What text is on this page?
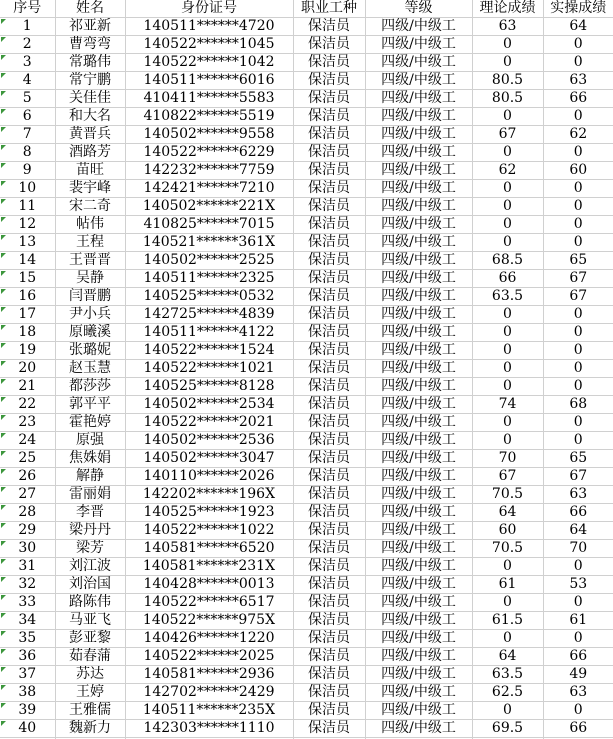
序号	姓名	身份证号	职业工种	等级	理论成绩	实操成绩
1	祁亚新	140511******4720	保洁员	四级/中级工	63	64
2	曹弯弯	140522******1045	保洁员	四级/中级工	0	0
3	常璐伟	140522******1042	保洁员	四级/中级工	0	0
4	常宁鹏	140511******6016	保洁员	四级/中级工	80.5	63
5	关佳佳	410411******5583	保洁员	四级/中级工	80.5	66
6	和大名	410822******5519	保洁员	四级/中级工	0	0
7	黄晋兵	140502******9558	保洁员	四级/中级工	67	62
8	酒路芳	140522******6229	保洁员	四级/中级工	0	0
9	苗旺	142232******7759	保洁员	四级/中级工	62	60
10	裴宇峰	142421******7210	保洁员	四级/中级工	0	0
11	宋二奇	140502******221X	保洁员	四级/中级工	0	0
12	帖伟	410825******7015	保洁员	四级/中级工	0	0
13	王程	140521******361X	保洁员	四级/中级工	0	0
14	王晋晋	140502******2525	保洁员	四级/中级工	68.5	65
15	吴静	140511******2325	保洁员	四级/中级工	66	67
16	闫晋鹏	140525******0532	保洁员	四级/中级工	63.5	67
17	尹小兵	142725******4839	保洁员	四级/中级工	0	0
18	原曦溪	140511******4122	保洁员	四级/中级工	0	0
19	张璐妮	140522******1524	保洁员	四级/中级工	0	0
20	赵玉慧	140522******1021	保洁员	四级/中级工	0	0
21	都莎莎	140525******8128	保洁员	四级/中级工	0	0
22	郭平平	140502******2534	保洁员	四级/中级工	74	68
23	霍艳婷	140522******2021	保洁员	四级/中级工	0	0
24	原强	140502******2536	保洁员	四级/中级工	0	0
25	焦姝娟	140502******3047	保洁员	四级/中级工	70	65
26	解静	140110******2026	保洁员	四级/中级工	67	67
27	雷丽娟	142202******196X	保洁员	四级/中级工	70.5	63
28	李晋	140525******1923	保洁员	四级/中级工	64	66
29	梁丹丹	140522******1022	保洁员	四级/中级工	60	64
30	梁芳	140581******6520	保洁员	四级/中级工	70.5	70
31	刘江波	140581******231X	保洁员	四级/中级工	0	0
32	刘治国	140428******0013	保洁员	四级/中级工	61	53
33	路陈伟	140522******6517	保洁员	四级/中级工	0	0
34	马亚飞	140522******975X	保洁员	四级/中级工	61.5	61
35	彭亚黎	140426******1220	保洁员	四级/中级工	0	0
36	茹春蒲	140522******2025	保洁员	四级/中级工	64	66
37	苏达	140581******2936	保洁员	四级/中级工	63.5	49
38	王婷	142702******2429	保洁员	四级/中级工	62.5	63
39	王雅儒	140511******235X	保洁员	四级/中级工	0	0
40	魏新力	142303******1110	保洁员	四级/中级工	69.5	66
